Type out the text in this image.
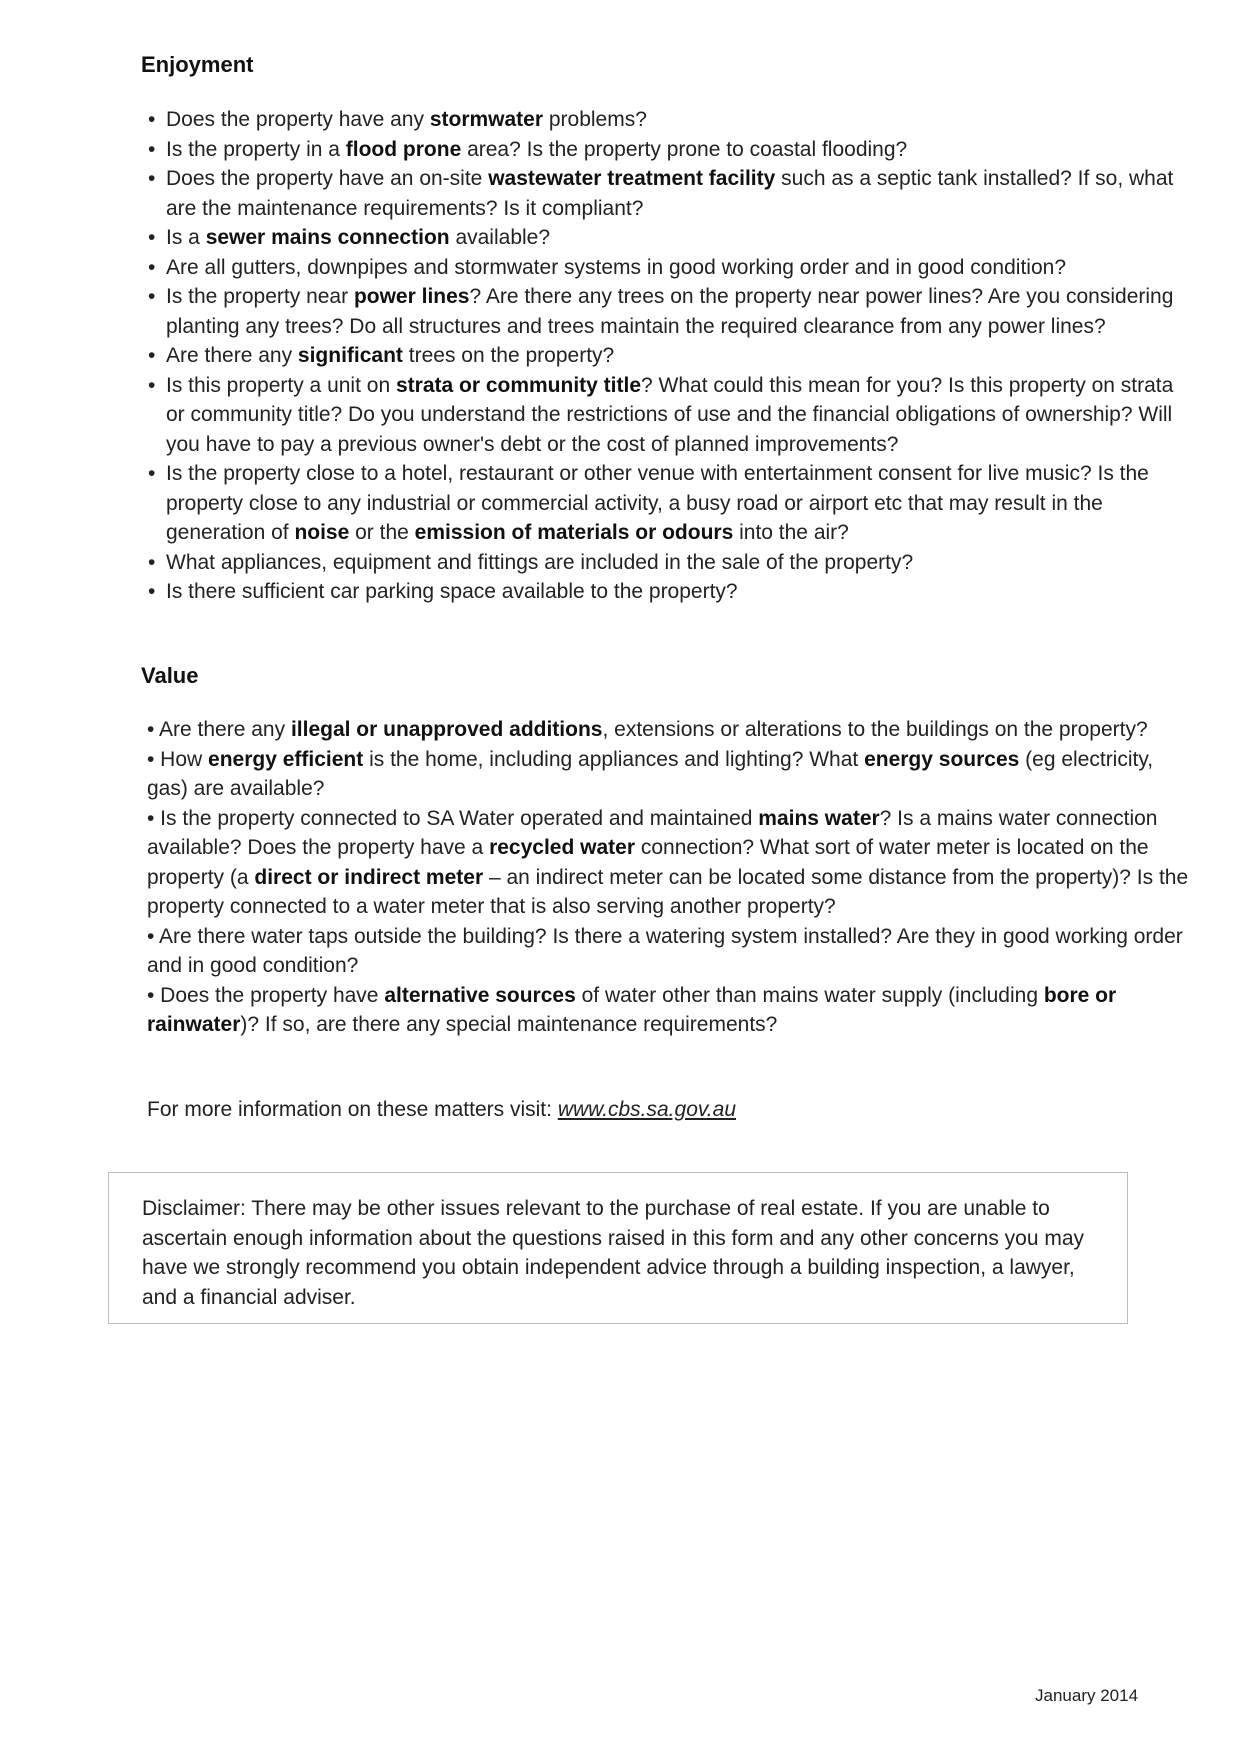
Enjoyment
• Does the property have any stormwater problems?
• Is the property in a flood prone area? Is the property prone to coastal flooding?
• Does the property have an on-site wastewater treatment facility such as a septic tank installed? If so, what are the maintenance requirements? Is it compliant?
• Is a sewer mains connection available?
• Are all gutters, downpipes and stormwater systems in good working order and in good condition?
• Is the property near power lines? Are there any trees on the property near power lines? Are you considering planting any trees? Do all structures and trees maintain the required clearance from any power lines?
• Are there any significant trees on the property?
• Is this property a unit on strata or community title? What could this mean for you? Is this property on strata or community title? Do you understand the restrictions of use and the financial obligations of ownership? Will you have to pay a previous owner's debt or the cost of planned improvements?
• Is the property close to a hotel, restaurant or other venue with entertainment consent for live music? Is the property close to any industrial or commercial activity, a busy road or airport etc that may result in the generation of noise or the emission of materials or odours into the air?
• What appliances, equipment and fittings are included in the sale of the property?
• Is there sufficient car parking space available to the property?
Value
• Are there any illegal or unapproved additions, extensions or alterations to the buildings on the property?
• How energy efficient is the home, including appliances and lighting? What energy sources (eg electricity, gas) are available?
• Is the property connected to SA Water operated and maintained mains water? Is a mains water connection available? Does the property have a recycled water connection? What sort of water meter is located on the property (a direct or indirect meter – an indirect meter can be located some distance from the property)? Is the property connected to a water meter that is also serving another property?
• Are there water taps outside the building? Is there a watering system installed? Are they in good working order and in good condition?
• Does the property have alternative sources of water other than mains water supply (including bore or rainwater)? If so, are there any special maintenance requirements?
For more information on these matters visit: www.cbs.sa.gov.au
Disclaimer: There may be other issues relevant to the purchase of real estate. If you are unable to ascertain enough information about the questions raised in this form and any other concerns you may have we strongly recommend you obtain independent advice through a building inspection, a lawyer, and a financial adviser.
January 2014
